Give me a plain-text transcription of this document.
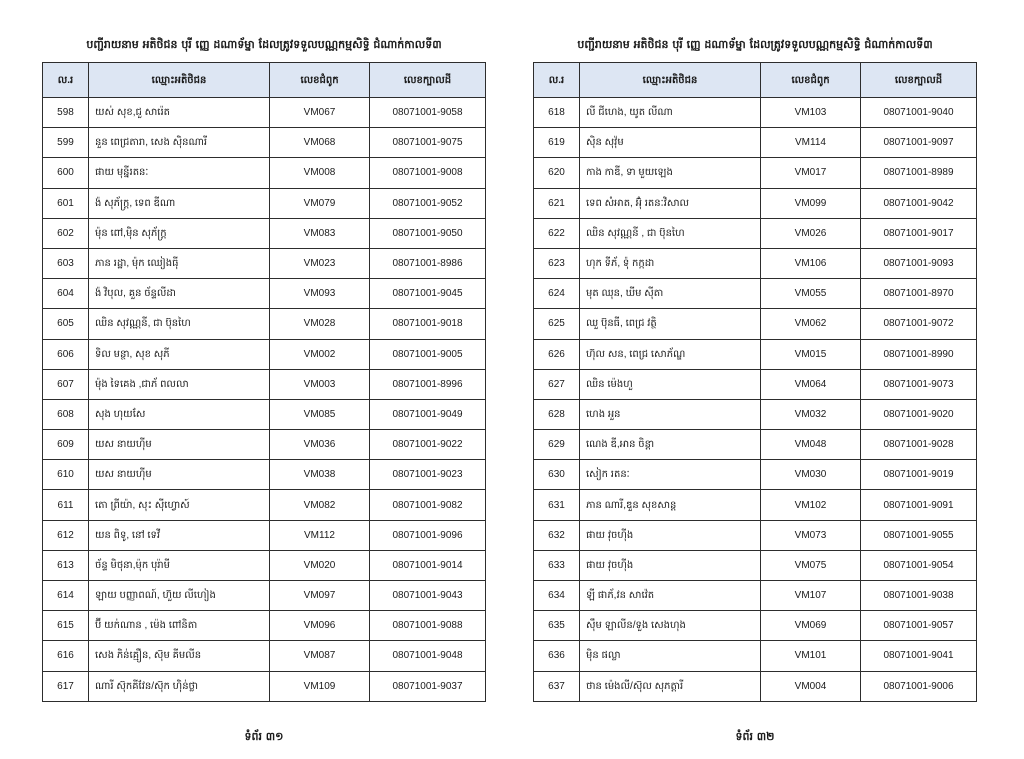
បញ្ជីរាយនាម អតិថិជន បុរី ញ្ញេ ដណាទ័ម្នា ដែលត្រូវទទួលបណ្ណកម្មសិទ្ធិ ជំណាក់កាលទី៣
ល.រ	ឈ្មោះអតិថិជន	លេខជំពូក	លេខក្បាលដី
598	យស់ សុខ,ជួ សារ៉េត	VM067	08071001-9058
599	នួន ពេជ្រតារា, សេង ស៊ិនណារី	VM068	08071001-9075
600	ផាយ មុន្នីរតនៈ	VM008	08071001-9008
601	ង៉ សុភ័ក្រ្ត, ទេព ឌីណា	VM079	08071001-9052
602	ម៉ុន ពៅ,ម៉ិន សុភ័ក្រ្ត	VM083	08071001-9050
603	ភាន រដ្ឋា, ម៉ុក ឈៀងធុី	VM023	08071001-8986
604	ង៉ វិបុល, គួន ច័ន្ទលីដា	VM093	08071001-9045
605	ឈិន សុវណ្ណនី, ជា ប៊ុនហៃ	VM028	08071001-9018
606	ទិល មន្ថា, សុខ សុភី	VM002	08071001-9005
607	ម៉ុង ទៃគេង ,ជាភ័ ពលលា	VM003	08071001-8996
608	សុង ហុយសែ	VM085	08071001-9049
609	យស នាយហ៊ីម	VM036	08071001-9022
610	យស នាយហ៊ីម	VM038	08071001-9023
611	តោ ព្រីយ៉ា, សុះ ស៊ីហ្វោស៍	VM082	08071001-9082
612	យន ពិទូ, នៅ ទេវី	VM112	08071001-9096
613	ច័ន្ទ មិថុនា,ម៉ុក បុរ៉ាមី	VM020	08071001-9014
614	ឡាយ បញ្ញាពណ៍, ហ៊ួយ លីហៀង	VM097	08071001-9043
615	ប៊ី យក់ណាន , ម៉េង ពៅនិតា	VM096	08071001-9088
616	សេង ភិន់គ្មឿន, ស៊ុម គីមលីន	VM087	08071001-9048
617	ណារី ស៊ុកគីវែន/ស៊ុក ហ៊ិន់ថ្លា	VM109	08071001-9037
ទំព័រ ៣១
បញ្ជីរាយនាម អតិថិជន បុរី ញ្ញេ ដណាទ័ម្នា ដែលត្រូវទទួលបណ្ណកម្មសិទ្ធិ ជំណាក់កាលទី៣
ល.រ	ឈ្មោះអតិថិជន	លេខជំពូក	លេខក្បាលដី
618	លី ជីហេង, យូត លីណា	VM103	08071001-9040
619	ស៊ិន សុវ៉ុម	VM114	08071001-9097
620	កាង កាឌី, ទា មួយឡេង	VM017	08071001-8989
621	ទេព សំអាត, អ៊ុំ រតនៈវិសាល	VM099	08071001-9042
622	ឈិន សុវណ្ណនី , ជា ប៊ុនហៃ	VM026	08071001-9017
623	ហុក ទីភ័, ទ៉ុ កក្កដា	VM106	08071001-9093
624	មុត ឈុន, ឃីម ស៊ីតា	VM055	08071001-8970
625	ឈួ ប៊ុនធី, ពេជ្រ វត្ថិ	VM062	08071001-9072
626	ហ៊ុល សន, ពេជ្រ សោភ័ណ្ឌ	VM015	08071001-8990
627	ឈិន ម៉េងហួ	VM064	08071001-9073
628	ហេង អួន	VM032	08071001-9020
629	ណេង ឌី,អាន ចិន្តា	VM048	08071001-9028
630	សៀក រតនៈ	VM030	08071001-9019
631	ភាន ណារី,ឌួន សុខសាន្ត	VM102	08071001-9091
632	ផាយ វុចហ៊ីង	VM073	08071001-9055
633	ផាយ វុចហ៊ីង	VM075	08071001-9054
634	ឡី ផាភ័,វន សាវ៉េត	VM107	08071001-9038
635	ស៊ឹម ឡាលីន/ទួង សេងហុង	VM069	08071001-9057
636	ម៉ិន ផល្លា	VM101	08071001-9041
637	ថាន ម៉េងលី/ស៊ុល សុភត្តារី	VM004	08071001-9006
ទំព័រ ៣២
